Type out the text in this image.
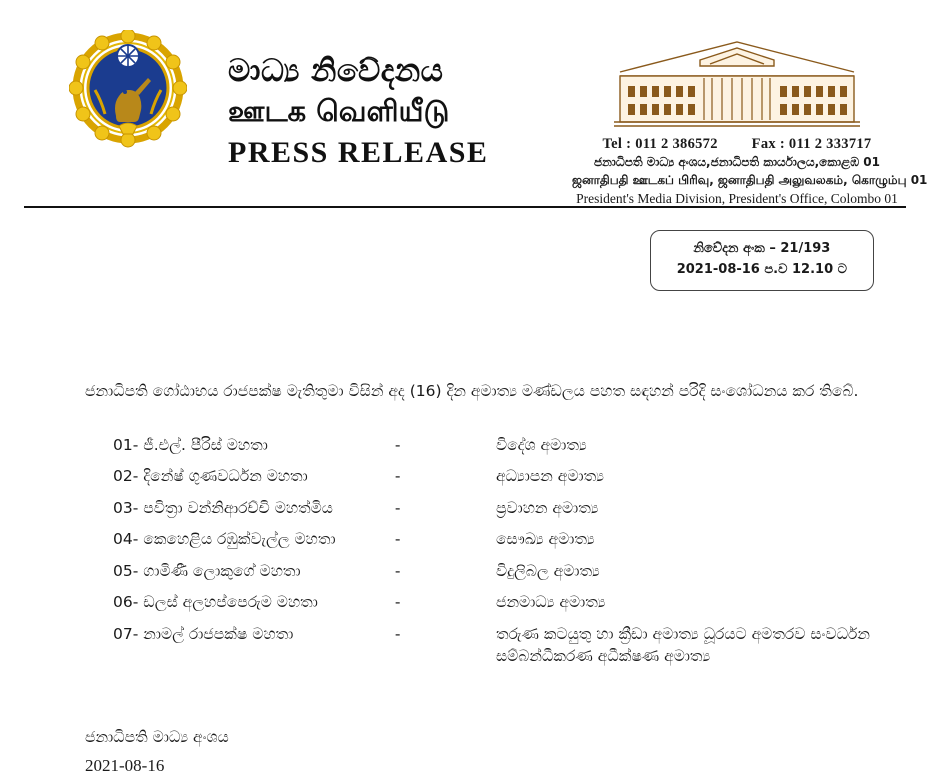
මාධ්‍ය නිවේදනය
ஊடக வெளியீடு
PRESS RELEASE	Tel : 011 2 386572 Fax : 011 2 333717
ජනාධිපති මාධ්‍ය අංශය,ජනාධිපති කාර්යාලය,කොළඹ 01
ஜனாதிபதி ஊடகப் பிரிவு, ஜனாதிபதி அலுவலகம், கொழும்பு 01
President's Media Division, President's Office, Colombo 01
නිවේදන අංක – 21/193
2021-08-16 ප.ව 12.10 ට

ජනාධිපති ගෝඨාභය රාජපක්ෂ මැතිතුමා විසින් අද (16) දින අමාත්‍ය මණ්ඩලය පහත සඳහන් පරිදි සංශෝධනය කර තිබේ.

01- ජී.එල්. පීරිස් මහතා	-	විදේශ අමාත්‍ය
02- දිනේෂ් ගුණවර්ධන මහතා	-	අධ්‍යාපන අමාත්‍ය
03- පවිත්‍රා වන්නිආරච්චි මහත්මිය	-	ප්‍රවාහන අමාත්‍ය
04- කෙහෙළිය රඹුක්වැල්ල මහතා	-	සෞඛ්‍ය අමාත්‍ය
05- ගාමිණී ලොකුගේ මහතා	-	විදුලිබල අමාත්‍ය
06- ඩලස් අලහප්පෙරුම මහතා	-	ජනමාධ්‍ය අමාත්‍ය
07- නාමල් රාජපක්ෂ මහතා	-	තරුණ කටයුතු හා ක්‍රීඩා අමාත්‍ය ධූරයට අමතරව සංවර්ධන සම්බන්ධීකරණ අධීක්ෂණ අමාත්‍ය
ජනාධිපති මාධ්‍ය අංශය
2021-08-16
